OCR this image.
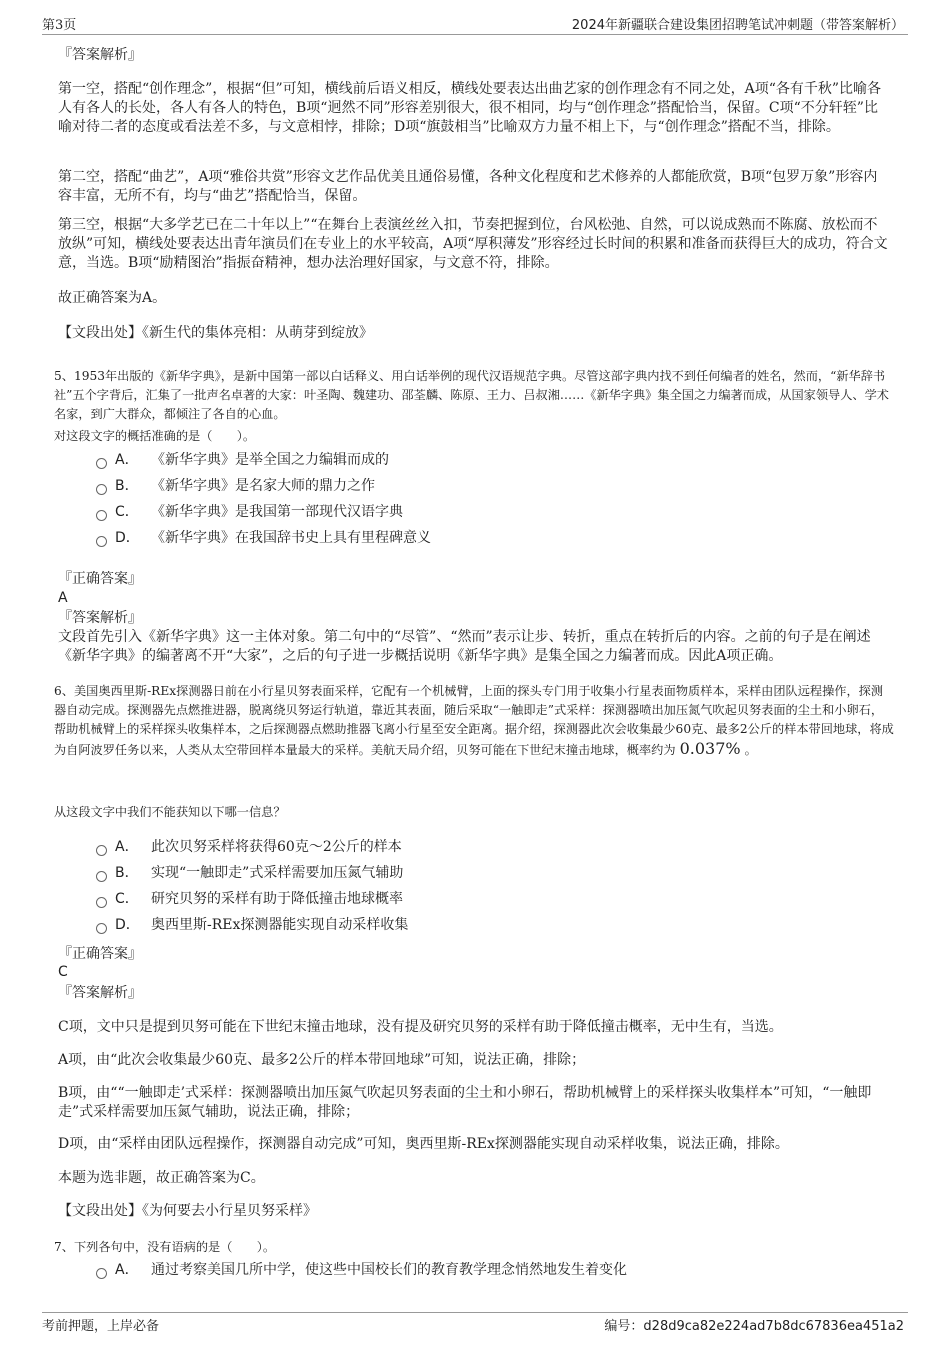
第3页	2024年新疆联合建设集团招聘笔试冲刺题（带答案解析）

『答案解析』

第一空，搭配“创作理念”，根据“但”可知，横线前后语义相反，横线处要表达出曲艺家的创作理念有不同之处，A项“各有千秋”比喻各人有各人的长处，各人有各人的特色，B项“迥然不同”形容差别很大，很不相同，均与“创作理念”搭配恰当，保留。C项“不分轩轾”比喻对待二者的态度或看法差不多，与文意相悖，排除；D项“旗鼓相当”比喻双方力量不相上下，与“创作理念”搭配不当，排除。

第二空，搭配“曲艺”，A项“雅俗共赏”形容文艺作品优美且通俗易懂，各种文化程度和艺术修养的人都能欣赏，B项“包罗万象”形容内容丰富，无所不有，均与“曲艺”搭配恰当，保留。

第三空，根据“大多学艺已在二十年以上”“在舞台上表演丝丝入扣，节奏把握到位，台风松弛、自然，可以说成熟而不陈腐、放松而不放纵”可知，横线处要表达出青年演员们在专业上的水平较高，A项“厚积薄发”形容经过长时间的积累和准备而获得巨大的成功，符合文意，当选。B项“励精图治”指振奋精神，想办法治理好国家，与文意不符，排除。

故正确答案为A。

【文段出处】《新生代的集体亮相：从萌芽到绽放》

5、1953年出版的《新华字典》，是新中国第一部以白话释义、用白话举例的现代汉语规范字典。尽管这部字典内找不到任何编者的姓名，然而，“新华辞书社”五个字背后，汇集了一批声名卓著的大家：叶圣陶、魏建功、邵荃麟、陈原、王力、吕叔湘……《新华字典》集全国之力编著而成，从国家领导人、学术名家，到广大群众，都倾注了各自的心血。

对这段文字的概括准确的是（　　）。

A． 《新华字典》是举全国之力编辑而成的
B． 《新华字典》是名家大师的鼎力之作
C． 《新华字典》是我国第一部现代汉语字典
D． 《新华字典》在我国辞书史上具有里程碑意义

『正确答案』

A

『答案解析』

文段首先引入《新华字典》这一主体对象。第二句中的“尽管”、“然而”表示让步、转折，重点在转折后的内容。之前的句子是在阐述《新华字典》的编著离不开“大家”，之后的句子进一步概括说明《新华字典》是集全国之力编著而成。因此A项正确。

6、美国奥西里斯-REx探测器日前在小行星贝努表面采样，它配有一个机械臂，上面的探头专门用于收集小行星表面物质样本，采样由团队远程操作，探测器自动完成。探测器先点燃推进器，脱离绕贝努运行轨道，靠近其表面，随后采取“一触即走”式采样：探测器喷出加压氮气吹起贝努表面的尘土和小卵石，帮助机械臂上的采样探头收集样本，之后探测器点燃助推器飞离小行星至安全距离。据介绍，探测器此次会收集最少60克、最多2公斤的样本带回地球，将成为自阿波罗任务以来，人类从太空带回样本量最大的采样。美航天局介绍，贝努可能在下世纪末撞击地球，概率约为 0.037% 。

从这段文字中我们不能获知以下哪一信息？

A． 此次贝努采样将获得60克～2公斤的样本
B． 实现“一触即走”式采样需要加压氮气辅助
C． 研究贝努的采样有助于降低撞击地球概率
D． 奥西里斯-REx探测器能实现自动采样收集

『正确答案』

C

『答案解析』

C项，文中只是提到贝努可能在下世纪末撞击地球，没有提及研究贝努的采样有助于降低撞击概率，无中生有，当选。

A项，由“此次会收集最少60克、最多2公斤的样本带回地球”可知，说法正确，排除；

B项，由““一触即走’式采样：探测器喷出加压氮气吹起贝努表面的尘土和小卵石，帮助机械臂上的采样探头收集样本”可知，“一触即走”式采样需要加压氮气辅助，说法正确，排除；

D项，由“采样由团队远程操作，探测器自动完成”可知，奥西里斯-REx探测器能实现自动采样收集，说法正确，排除。

本题为选非题，故正确答案为C。

【文段出处】《为何要去小行星贝努采样》

7、下列各句中，没有语病的是（　　）。

A． 通过考察美国几所中学，使这些中国校长们的教育教学理念悄然地发生着变化
考前押题，上岸必备	编号：d28d9ca82e224ad7b8dc67836ea451a2
